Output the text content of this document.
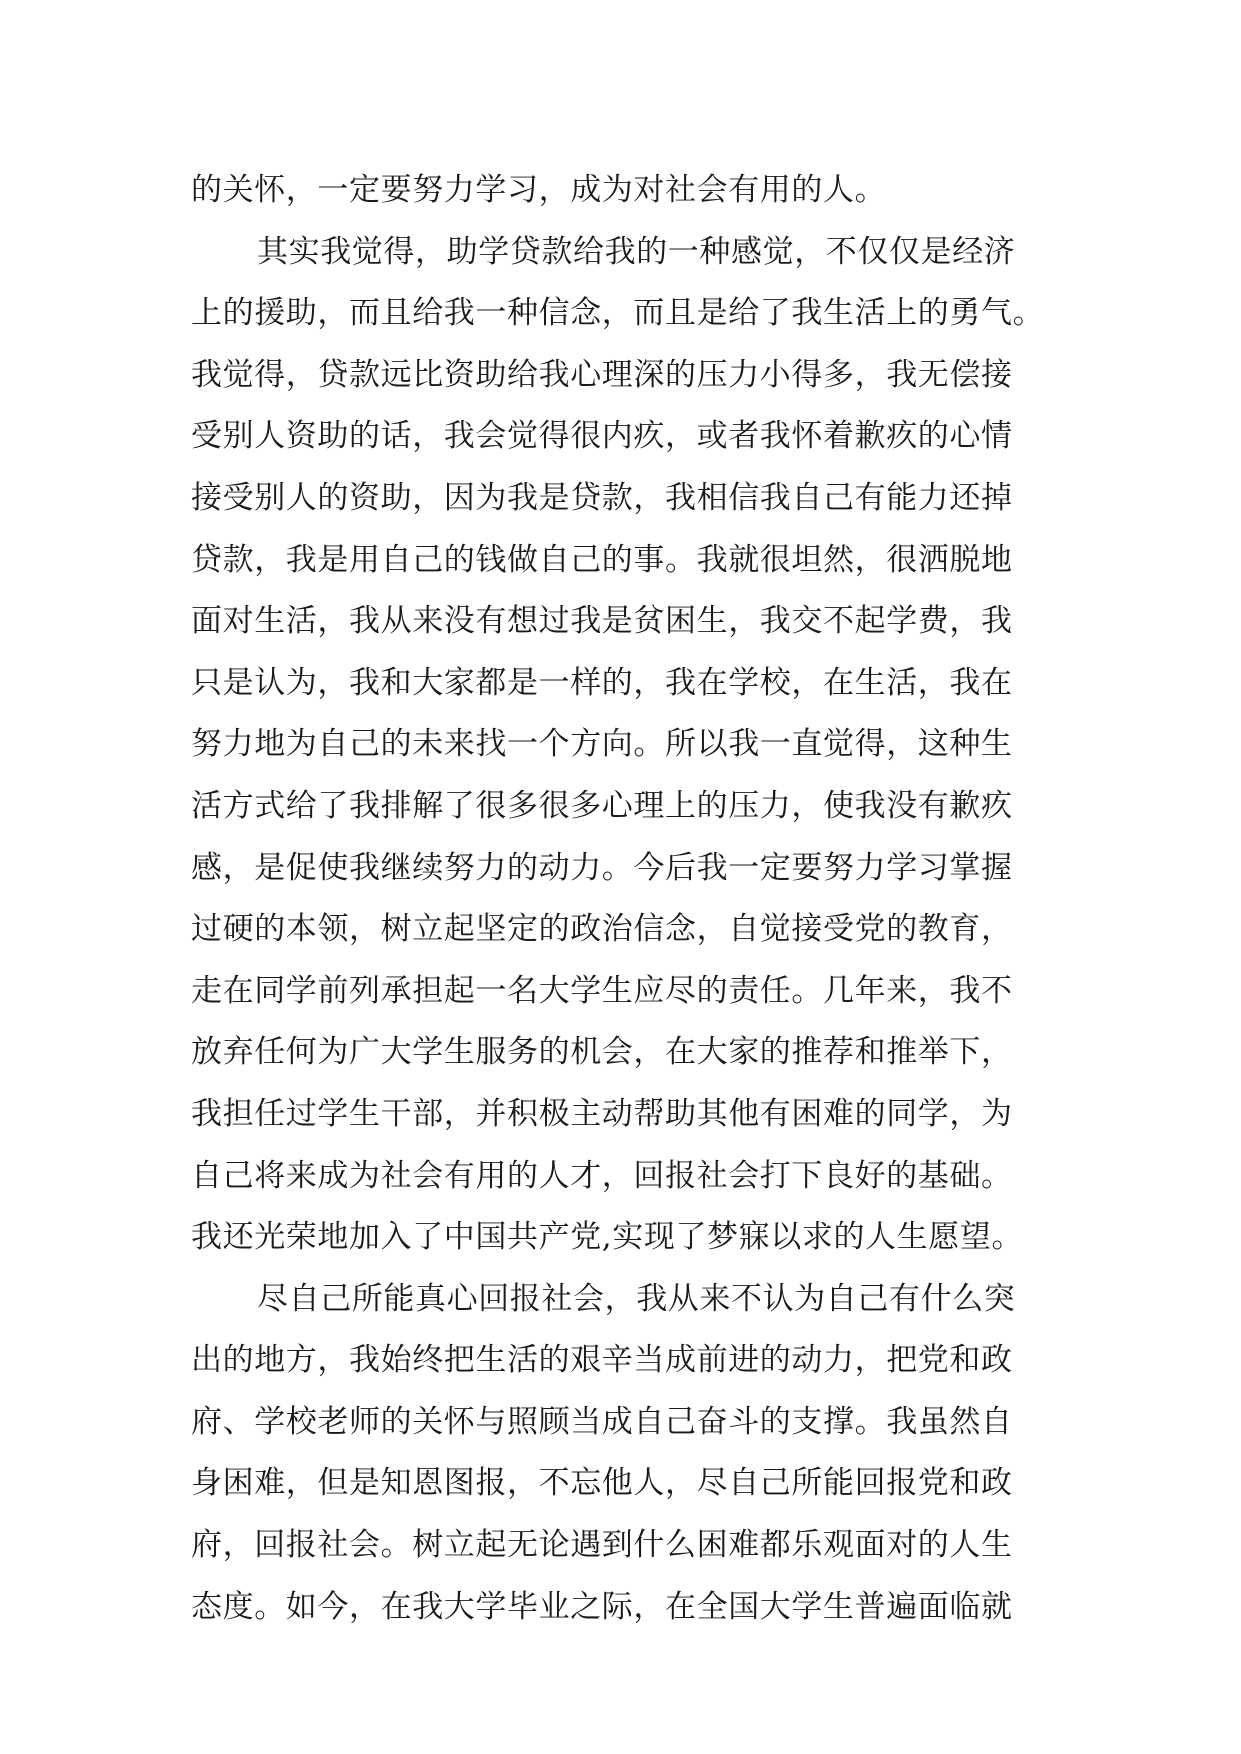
的关怀，一定要努力学习，成为对社会有用的人。
其实我觉得，助学贷款给我的一种感觉，不仅仅是经济
上的援助，而且给我一种信念，而且是给了我生活上的勇气。
我觉得，贷款远比资助给我心理深的压力小得多，我无偿接
受别人资助的话，我会觉得很内疚，或者我怀着歉疚的心情
接受别人的资助，因为我是贷款，我相信我自己有能力还掉
贷款，我是用自己的钱做自己的事。我就很坦然，很洒脱地
面对生活，我从来没有想过我是贫困生，我交不起学费，我
只是认为，我和大家都是一样的，我在学校，在生活，我在
努力地为自己的未来找一个方向。所以我一直觉得，这种生
活方式给了我排解了很多很多心理上的压力，使我没有歉疚
感，是促使我继续努力的动力。今后我一定要努力学习掌握
过硬的本领，树立起坚定的政治信念，自觉接受党的教育，
走在同学前列承担起一名大学生应尽的责任。几年来，我不
放弃任何为广大学生服务的机会，在大家的推荐和推举下，
我担任过学生干部，并积极主动帮助其他有困难的同学，为
自己将来成为社会有用的人才，回报社会打下良好的基础。
我还光荣地加入了中国共产党,实现了梦寐以求的人生愿望。
尽自己所能真心回报社会，我从来不认为自己有什么突
出的地方，我始终把生活的艰辛当成前进的动力，把党和政
府、学校老师的关怀与照顾当成自己奋斗的支撑。我虽然自
身困难，但是知恩图报，不忘他人，尽自己所能回报党和政
府，回报社会。树立起无论遇到什么困难都乐观面对的人生
态度。如今，在我大学毕业之际，在全国大学生普遍面临就
